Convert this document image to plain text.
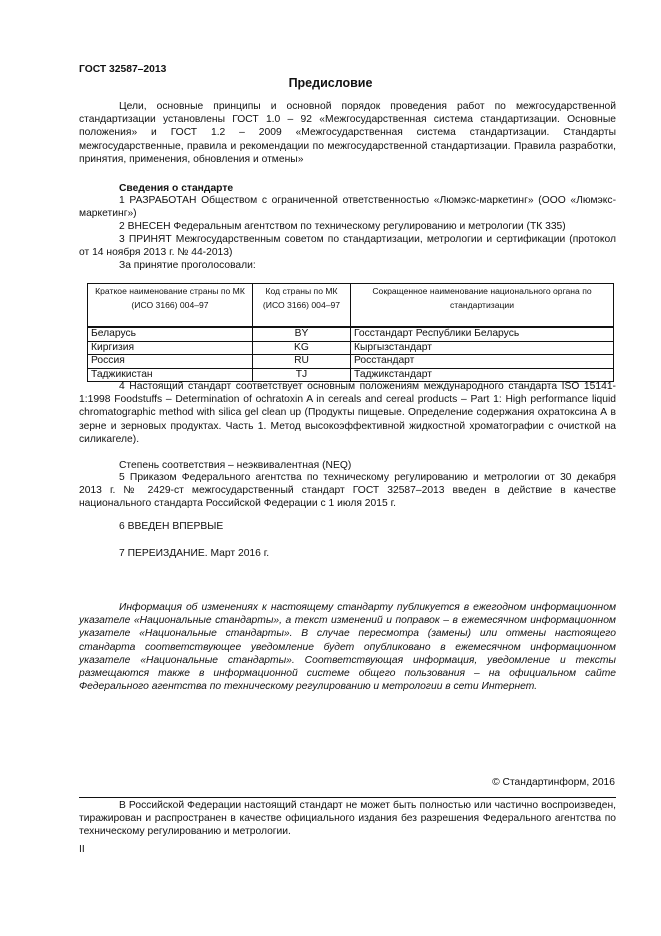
ГОСТ 32587–2013
Предисловие
Цели, основные принципы и основной порядок проведения работ по межгосударственной стандартизации установлены ГОСТ 1.0 – 92 «Межгосударственная система стандартизации. Основные положения» и ГОСТ 1.2 – 2009 «Межгосударственная система стандартизации. Стандарты межгосударственные, правила и рекомендации по межгосударственной стандартизации. Правила разработки, принятия, применения, обновления и отмены»
Сведения о стандарте
1 РАЗРАБОТАН Обществом с ограниченной ответственностью «Люмэкс-маркетинг» (ООО «Люмэкс-маркетинг»)
2 ВНЕСЕН Федеральным агентством по техническому регулированию и метрологии (ТК 335)
3 ПРИНЯТ Межгосударственным советом по стандартизации, метрологии и сертификации (протокол от 14 ноября 2013 г. № 44-2013)
За принятие проголосовали:
Краткое наименование страны по МК (ИСО 3166) 004–97	Код страны по МК (ИСО 3166) 004–97	Сокращенное наименование национального органа по стандартизации
Беларусь	BY	Госстандарт Республики Беларусь
Киргизия	KG	Кыргызстандарт
Россия	RU	Росстандарт
Таджикистан	TJ	Таджикстандарт
4 Настоящий стандарт соответствует основным положениям международного стандарта ISO 15141-1:1998 Foodstuffs – Determination of ochratoxin A in cereals and cereal products – Part 1: High performance liquid chromatographic method with silica gel clean up (Продукты пищевые. Определение содержания охратоксина А в зерне и зерновых продуктах. Часть 1. Метод высокоэффективной жидкостной хроматографии с очисткой на силикагеле).
Степень соответствия – неэквивалентная (NEQ)
5 Приказом Федерального агентства по техническому регулированию и метрологии от 30 декабря 2013 г. № 2429-ст межгосударственный стандарт ГОСТ 32587–2013 введен в действие в качестве национального стандарта Российской Федерации с 1 июля 2015 г.
6 ВВЕДЕН ВПЕРВЫЕ
7 ПЕРЕИЗДАНИЕ. Март 2016 г.
Информация об изменениях к настоящему стандарту публикуется в ежегодном информационном указателе «Национальные стандарты», а текст изменений и поправок – в ежемесячном информационном указателе «Национальные стандарты». В случае пересмотра (замены) или отмены настоящего стандарта соответствующее уведомление будет опубликовано в ежемесячном информационном указателе «Национальные стандарты». Соответствующая информация, уведомление и тексты размещаются также в информационной системе общего пользования – на официальном сайте Федерального агентства по техническому регулированию и метрологии в сети Интернет.
© Стандартинформ, 2016
В Российской Федерации настоящий стандарт не может быть полностью или частично воспроизведен, тиражирован и распространен в качестве официального издания без разрешения Федерального агентства по техническому регулированию и метрологии.
II
